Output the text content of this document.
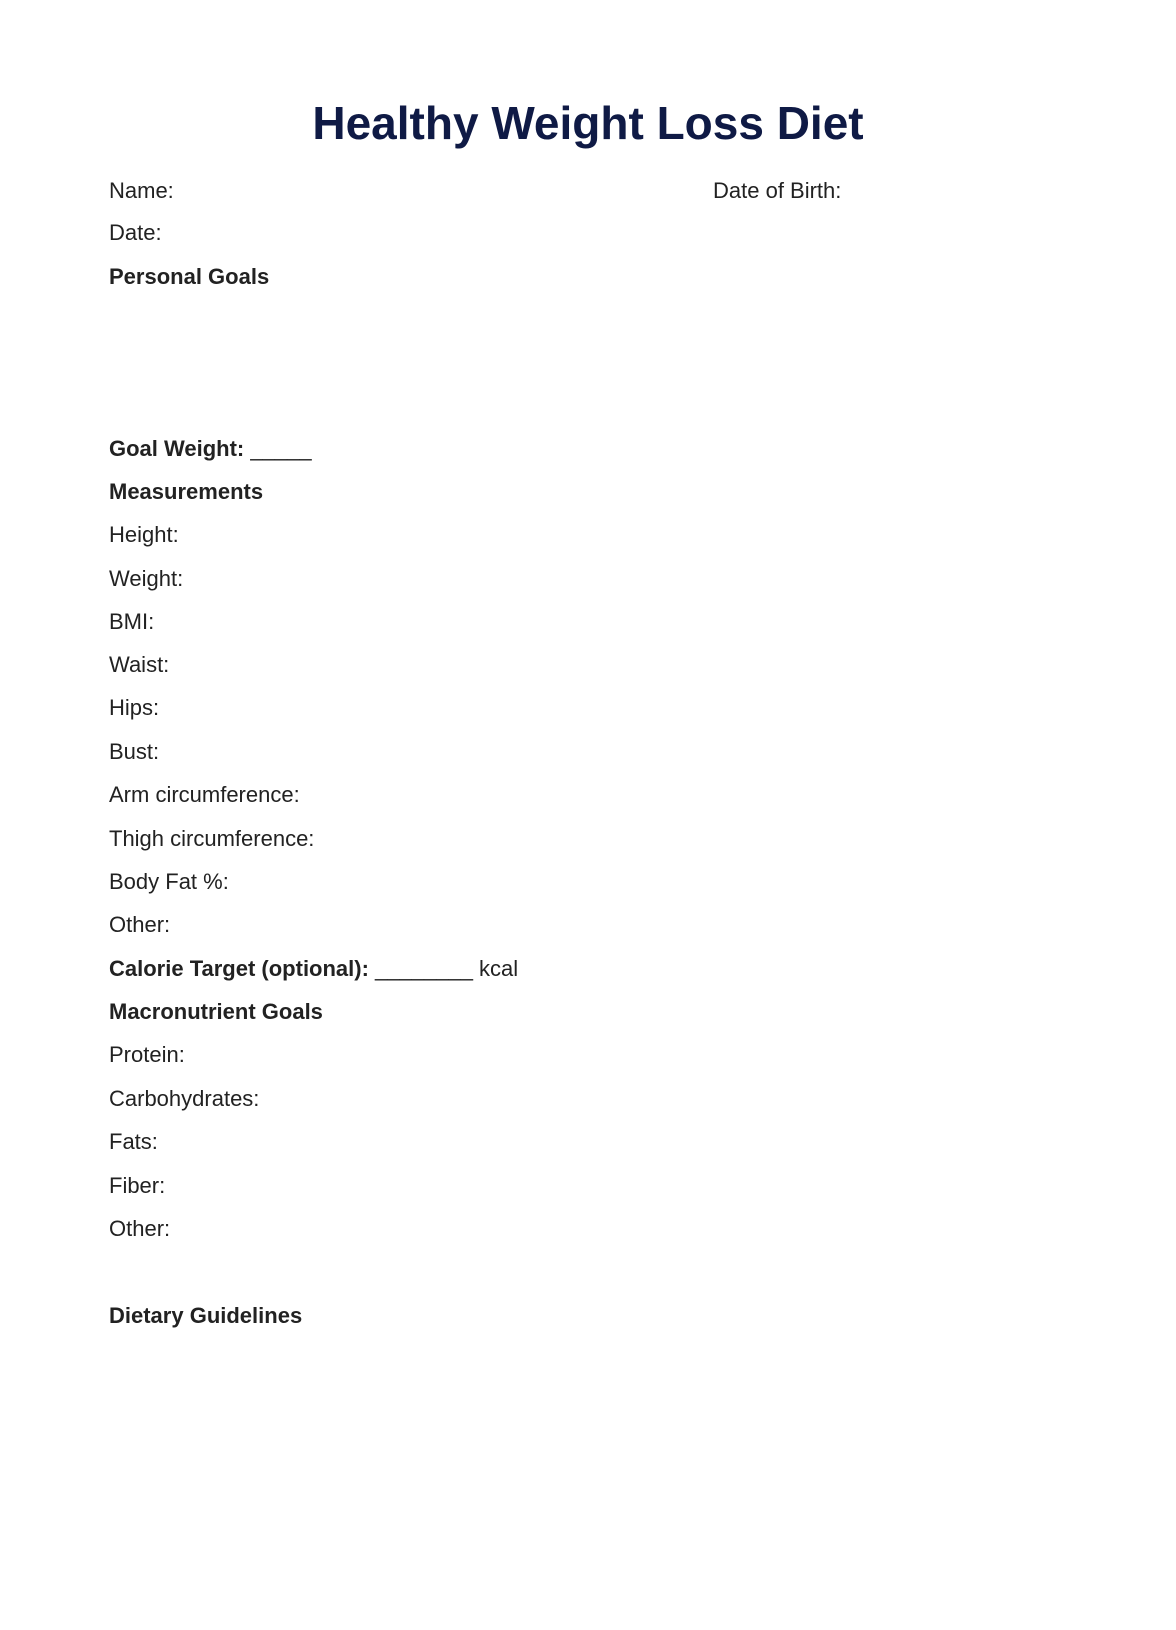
Healthy Weight Loss Diet
Name:	Date of Birth:
Date:
Personal Goals
Goal Weight: _____
Measurements
Height:
Weight:
BMI:
Waist:
Hips:
Bust:
Arm circumference:
Thigh circumference:
Body Fat %:
Other:
Calorie Target (optional): ________ kcal
Macronutrient Goals
Protein:
Carbohydrates:
Fats:
Fiber:
Other:
Dietary Guidelines
